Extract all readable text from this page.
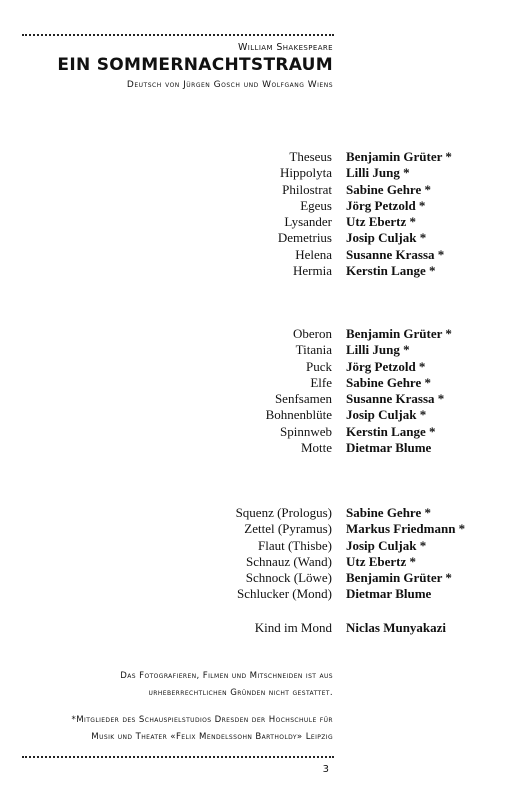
William Shakespeare
EIN SOMMERNACHTSTRAUM
Deutsch von Jürgen Gosch und Wolfgang Wiens
Theseus Benjamin Grüter *
Hippolyta Lilli Jung *
Philostrat Sabine Gehre *
Egeus Jörg Petzold *
Lysander Utz Ebertz *
Demetrius Josip Culjak *
Helena Susanne Krassa *
Hermia Kerstin Lange *
Oberon Benjamin Grüter *
Titania Lilli Jung *
Puck Jörg Petzold *
Elfe Sabine Gehre *
Senfsamen Susanne Krassa *
Bohnenblüte Josip Culjak *
Spinnweb Kerstin Lange *
Motte Dietmar Blume
Squenz (Prologus) Sabine Gehre *
Zettel (Pyramus) Markus Friedmann *
Flaut (Thisbe) Josip Culjak *
Schnauz (Wand) Utz Ebertz *
Schnock (Löwe) Benjamin Grüter *
Schlucker (Mond) Dietmar Blume
Kind im Mond Niclas Munyakazi
Das Fotografieren, Filmen und Mitschneiden ist aus
urheberrechtlichen Gründen nicht gestattet.
*Mitglieder des Schauspielstudios Dresden der Hochschule für
Musik und Theater «Felix Mendelssohn Bartholdy» Leipzig
3
